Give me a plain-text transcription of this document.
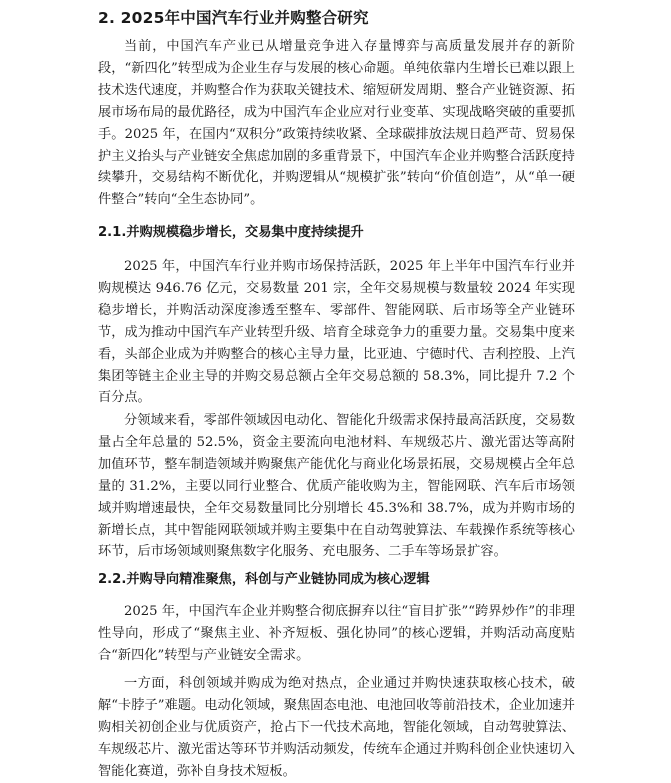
2. 2025年中国汽车行业并购整合研究

当前，中国汽车产业已从增量竞争进入存量博弈与高质量发展并存的新阶段，“新四化”转型成为企业生存与发展的核心命题。单纯依靠内生增长已难以跟上技术迭代速度，并购整合作为获取关键技术、缩短研发周期、整合产业链资源、拓展市场布局的最优路径，成为中国汽车企业应对行业变革、实现战略突破的重要抓手。2025 年，在国内“双积分”政策持续收紧、全球碳排放法规日趋严苛、贸易保护主义抬头与产业链安全焦虑加剧的多重背景下，中国汽车企业并购整合活跃度持续攀升，交易结构不断优化，并购逻辑从“规模扩张”转向“价值创造”，从“单一硬件整合”转向“全生态协同”。

2.1.并购规模稳步增长，交易集中度持续提升

2025 年，中国汽车行业并购市场保持活跃，2025 年上半年中国汽车行业并购规模达 946.76 亿元，交易数量 201 宗，全年交易规模与数量较 2024 年实现稳步增长，并购活动深度渗透至整车、零部件、智能网联、后市场等全产业链环节，成为推动中国汽车产业转型升级、培育全球竞争力的重要力量。交易集中度来看，头部企业成为并购整合的核心主导力量，比亚迪、宁德时代、吉利控股、上汽集团等链主企业主导的并购交易总额占全年交易总额的 58.3%，同比提升 7.2 个百分点。

分领域来看，零部件领域因电动化、智能化升级需求保持最高活跃度，交易数量占全年总量的 52.5%，资金主要流向电池材料、车规级芯片、激光雷达等高附加值环节，整车制造领域并购聚焦产能优化与商业化场景拓展，交易规模占全年总量的 31.2%，主要以同行业整合、优质产能收购为主，智能网联、汽车后市场领域并购增速最快，全年交易数量同比分别增长 45.3%和 38.7%，成为并购市场的新增长点，其中智能网联领域并购主要集中在自动驾驶算法、车载操作系统等核心环节，后市场领域则聚焦数字化服务、充电服务、二手车等场景扩容。

2.2.并购导向精准聚焦，科创与产业链协同成为核心逻辑

2025 年，中国汽车企业并购整合彻底摒弃以往“盲目扩张”“跨界炒作”的非理性导向，形成了“聚焦主业、补齐短板、强化协同”的核心逻辑，并购活动高度贴合“新四化”转型与产业链安全需求。

一方面，科创领域并购成为绝对热点，企业通过并购快速获取核心技术，破解“卡脖子”难题。电动化领域，聚焦固态电池、电池回收等前沿技术，企业加速并购相关初创企业与优质资产，抢占下一代技术高地，智能化领域，自动驾驶算法、车规级芯片、激光雷达等环节并购活动频发，传统车企通过并购科创企业快速切入智能化赛道，弥补自身技术短板。
